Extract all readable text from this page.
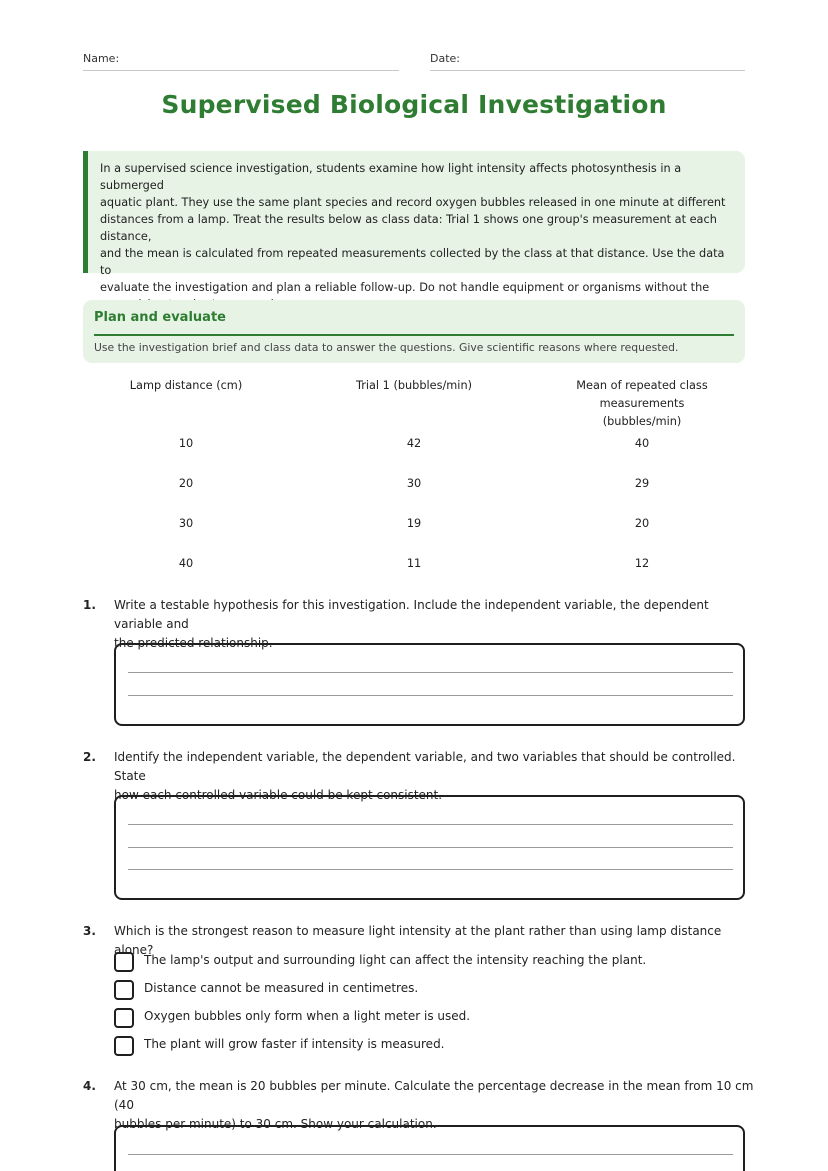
Name:	Date:
Supervised Biological Investigation
In a supervised science investigation, students examine how light intensity affects photosynthesis in a submerged
aquatic plant. They use the same plant species and record oxygen bubbles released in one minute at different
distances from a lamp. Treat the results below as class data: Trial 1 shows one group's measurement at each distance,
and the mean is calculated from repeated measurements collected by the class at that distance. Use the data to
evaluate the investigation and plan a reliable follow-up. Do not handle equipment or organisms without the
Plan and evaluate
Use the investigation brief and class data to answer the questions. Give scientific reasons where requested.
Lamp distance (cm)	Trial 1 (bubbles/min)	Mean of repeated class measurements
(bubbles/min)
10	42	40
20	30	29
30	19	20
40	11	12
1. Write a testable hypothesis for this investigation. Include the independent variable, the dependent variable and
the predicted relationship.
2. Identify the independent variable, the dependent variable, and two variables that should be controlled. State
how each controlled variable could be kept consistent.
3. Which is the strongest reason to measure light intensity at the plant rather than using lamp distance alone?
The lamp's output and surrounding light can affect the intensity reaching the plant.
Distance cannot be measured in centimetres.
Oxygen bubbles only form when a light meter is used.
The plant will grow faster if intensity is measured.
4. At 30 cm, the mean is 20 bubbles per minute. Calculate the percentage decrease in the mean from 10 cm (40
bubbles per minute) to 30 cm. Show your calculation.
